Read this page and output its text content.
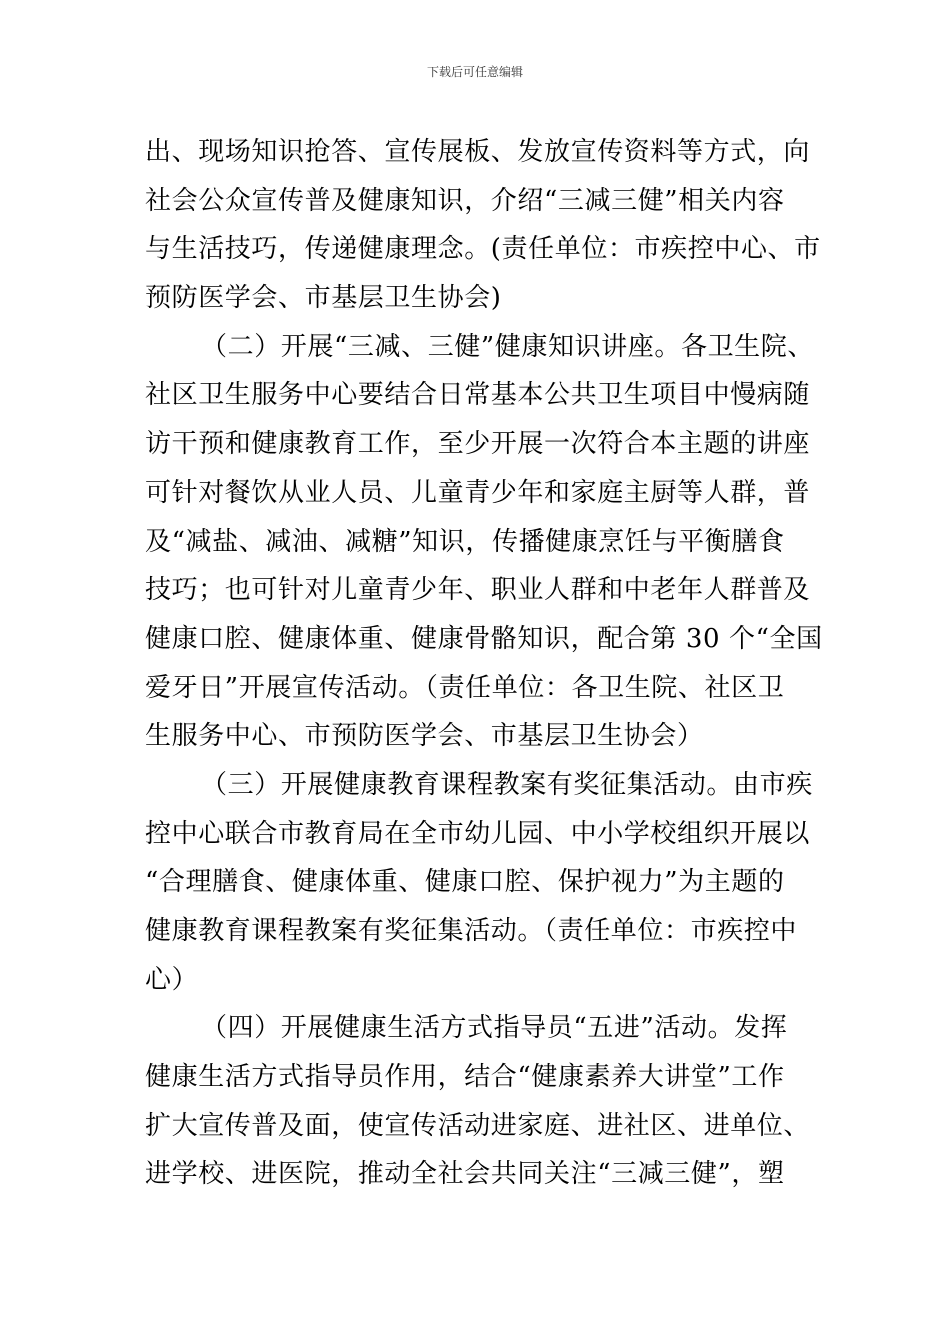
下载后可任意编辑
出、现场知识抢答、宣传展板、发放宣传资料等方式，向
社会公众宣传普及健康知识，介绍“三减三健”相关内容
与生活技巧，传递健康理念。(责任单位：市疾控中心、市
预防医学会、市基层卫生协会)
（二）开展“三减、三健”健康知识讲座。各卫生院、
社区卫生服务中心要结合日常基本公共卫生项目中慢病随
访干预和健康教育工作，至少开展一次符合本主题的讲座
可针对餐饮从业人员、儿童青少年和家庭主厨等人群，普
及“减盐、减油、减糖”知识，传播健康烹饪与平衡膳食
技巧；也可针对儿童青少年、职业人群和中老年人群普及
健康口腔、健康体重、健康骨骼知识，配合第 30 个“全国
爱牙日”开展宣传活动。（责任单位：各卫生院、社区卫
生服务中心、市预防医学会、市基层卫生协会）
（三）开展健康教育课程教案有奖征集活动。由市疾
控中心联合市教育局在全市幼儿园、中小学校组织开展以
“合理膳食、健康体重、健康口腔、保护视力”为主题的
健康教育课程教案有奖征集活动。（责任单位：市疾控中
心）
（四）开展健康生活方式指导员“五进”活动。发挥
健康生活方式指导员作用，结合“健康素养大讲堂”工作
扩大宣传普及面，使宣传活动进家庭、进社区、进单位、
进学校、进医院，推动全社会共同关注“三减三健”，塑
